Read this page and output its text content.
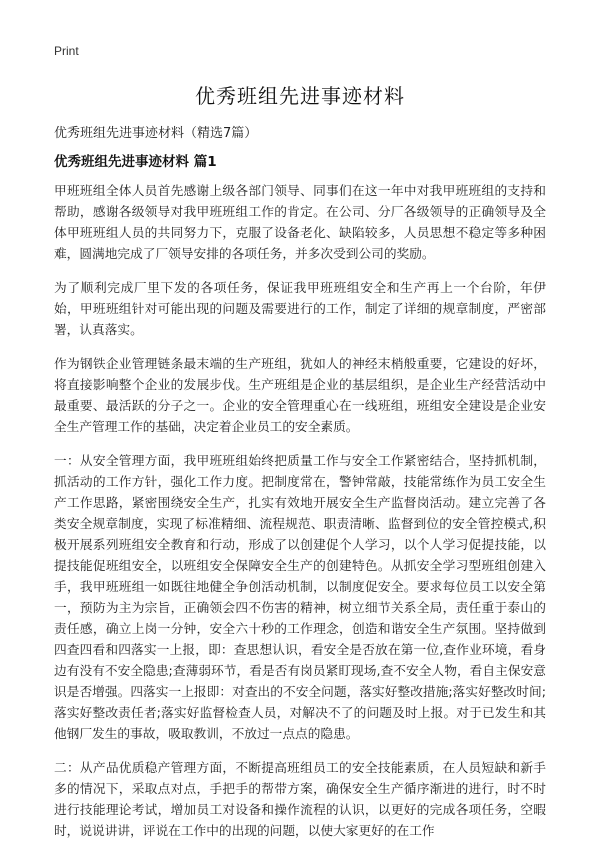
Print
优秀班组先进事迹材料
优秀班组先进事迹材料（精选7篇）
优秀班组先进事迹材料 篇1

甲班班组全体人员首先感谢上级各部门领导、同事们在这一年中对我甲班班组的支持和帮助，感谢各级领导对我甲班班组工作的肯定。在公司、分厂各级领导的正确领导及全体甲班班组人员的共同努力下，克服了设备老化、缺陷较多，人员思想不稳定等多种困难，圆满地完成了厂领导安排的各项任务，并多次受到公司的奖励。

为了顺利完成厂里下发的各项任务，保证我甲班班组安全和生产再上一个台阶，年伊始，甲班班组针对可能出现的问题及需要进行的工作，制定了详细的规章制度，严密部署，认真落实。

作为钢铁企业管理链条最末端的生产班组，犹如人的神经末梢般重要，它建设的好坏，将直接影响整个企业的发展步伐。生产班组是企业的基层组织，是企业生产经营活动中最重要、最活跃的分子之一。企业的安全管理重心在一线班组，班组安全建设是企业安全生产管理工作的基础，决定着企业员工的安全素质。

一：从安全管理方面，我甲班班组始终把质量工作与安全工作紧密结合，坚持抓机制，抓活动的工作方针，强化工作力度。把制度常在，警钟常敲，技能常练作为员工安全生产工作思路，紧密围绕安全生产，扎实有效地开展安全生产监督岗活动。建立完善了各类安全规章制度，实现了标准精细、流程规范、职责清晰、监督到位的安全管控模式,积极开展系列班组安全教育和行动，形成了以创建促个人学习，以个人学习促提技能，以提技能促班组安全，以班组安全保障安全生产的创建特色。从抓安全学习型班组创建入手，我甲班班组一如既往地健全争创活动机制，以制度促安全。要求每位员工以安全第一，预防为主为宗旨，正确领会四不伤害的精神，树立细节关系全局，责任重于泰山的责任感，确立上岗一分钟，安全六十秒的工作理念，创造和谐安全生产氛围。坚持做到四查四看和四落实一上报，即：查思想认识，看安全是否放在第一位,查作业环境，看身边有没有不安全隐患;查薄弱环节，看是否有岗员紧盯现场,查不安全人物，看自主保安意识是否增强。四落实一上报即：对查出的不安全问题，落实好整改措施;落实好整改时间;落实好整改责任者;落实好监督检查人员，对解决不了的问题及时上报。对于已发生和其他钢厂发生的事故，吸取教训，不放过一点点的隐患。

二：从产品优质稳产管理方面，不断提高班组员工的安全技能素质，在人员短缺和新手多的情况下，采取点对点，手把手的帮带方案，确保安全生产循序渐进的进行，时不时进行技能理论考试，增加员工对设备和操作流程的认识，以更好的完成各项任务，空暇时，说说讲讲，评说在工作中的出现的问题，以使大家更好的在工作
